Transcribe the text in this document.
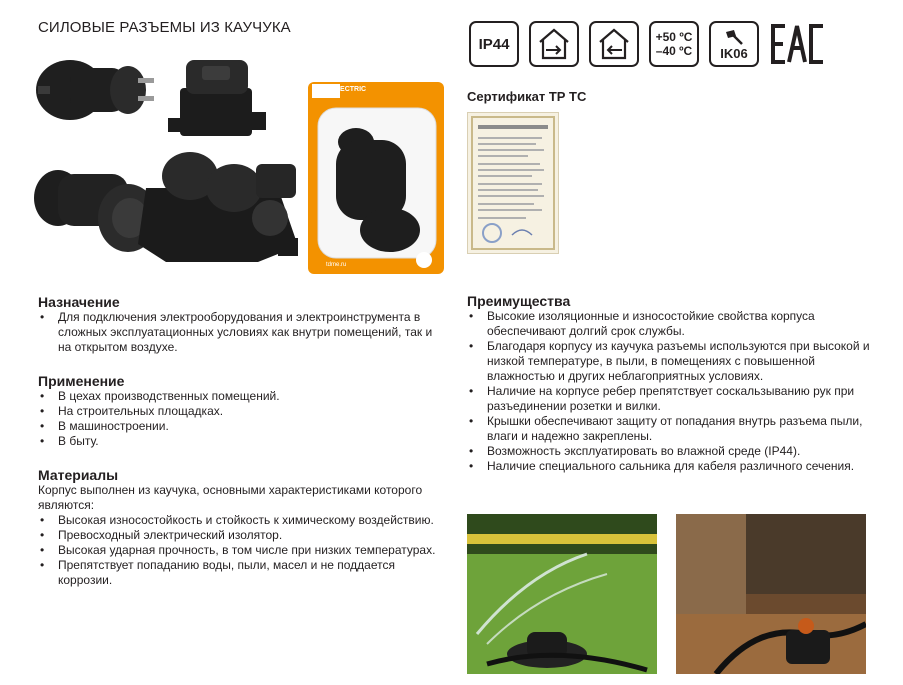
СИЛОВЫЕ РАЗЪЕМЫ ИЗ КАУЧУКА
TDM ELECTRIC
tdme.ru
IP44	+50 ºC
–40 ºC IK06
Сертификат ТР ТС
Назначение
• Для подключения электрооборудования и электроинструмента в сложных эксплуатационных условиях как внутри помещений, так и на открытом воздухе.
Применение
• В цехах производственных помещений.
• На строительных площадках.
• В машиностроении.
• В быту.
Материалы

Корпус выполнен из каучука, основными характеристиками которого являются:

• Высокая износостойкость и стойкость к химическому воздействию.
• Превосходный электрический изолятор.
• Высокая ударная прочность, в том числе при низких температурах.
• Препятствует попаданию воды, пыли, масел и не поддается коррозии.
Преимущества
• Высокие изоляционные и износостойкие свойства корпуса обеспечивают долгий срок службы.
• Благодаря корпусу из каучука разъемы используются при высокой и низкой температуре, в пыли, в помещениях с повышенной влажностью и других неблагоприятных условиях.
• Наличие на корпусе ребер препятствует соскальзыванию рук при разъединении розетки и вилки.
• Крышки обеспечивают защиту от попадания внутрь разъема пыли, влаги и надежно закреплены.
• Возможность эксплуатировать во влажной среде (IP44).
• Наличие специального сальника для кабеля различного сечения.
